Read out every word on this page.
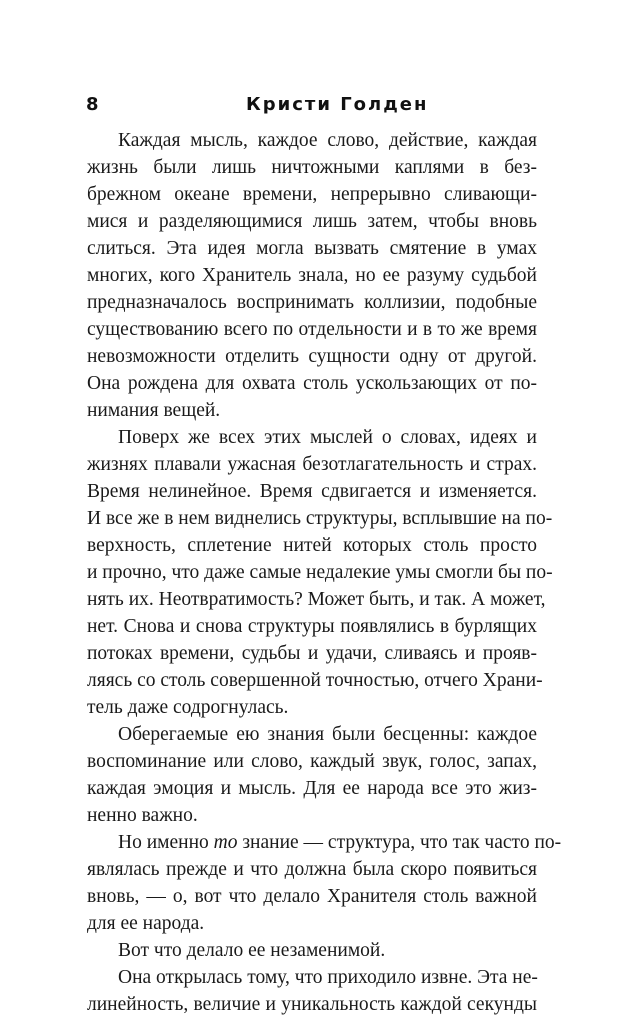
8	Кристи Голден
Каждая мысль, каждое слово, действие, каждая
жизнь были лишь ничтожными каплями в без-
брежном океане времени, непрерывно сливающи-
мися и разделяющимися лишь затем, чтобы вновь
слиться. Эта идея могла вызвать смятение в умах
многих, кого Хранитель знала, но ее разуму судьбой
предназначалось воспринимать коллизии, подобные
существованию всего по отдельности и в то же время
невозможности отделить сущности одну от другой.
Она рождена для охвата столь ускользающих от по-
нимания вещей.
Поверх же всех этих мыслей о словах, идеях и
жизнях плавали ужасная безотлагательность и страх.
Время нелинейное. Время сдвигается и изменяется.
И все же в нем виднелись структуры, всплывшие на по-
верхность, сплетение нитей которых столь просто
и прочно, что даже самые недалекие умы смогли бы по-
нять их. Неотвратимость? Может быть, и так. А может,
нет. Снова и снова структуры появлялись в бурлящих
потоках времени, судьбы и удачи, сливаясь и прояв-
ляясь со столь совершенной точностью, отчего Храни-
тель даже содрогнулась.
Оберегаемые ею знания были бесценны: каждое
воспоминание или слово, каждый звук, голос, запах,
каждая эмоция и мысль. Для ее народа все это жиз-
ненно важно.
Но именно то знание — структура, что так часто по-
являлась прежде и что должна была скоро появиться
вновь, — о, вот что делало Хранителя столь важной
для ее народа.
Вот что делало ее незаменимой.
Она открылась тому, что приходило извне. Эта не-
линейность, величие и уникальность каждой секунды
